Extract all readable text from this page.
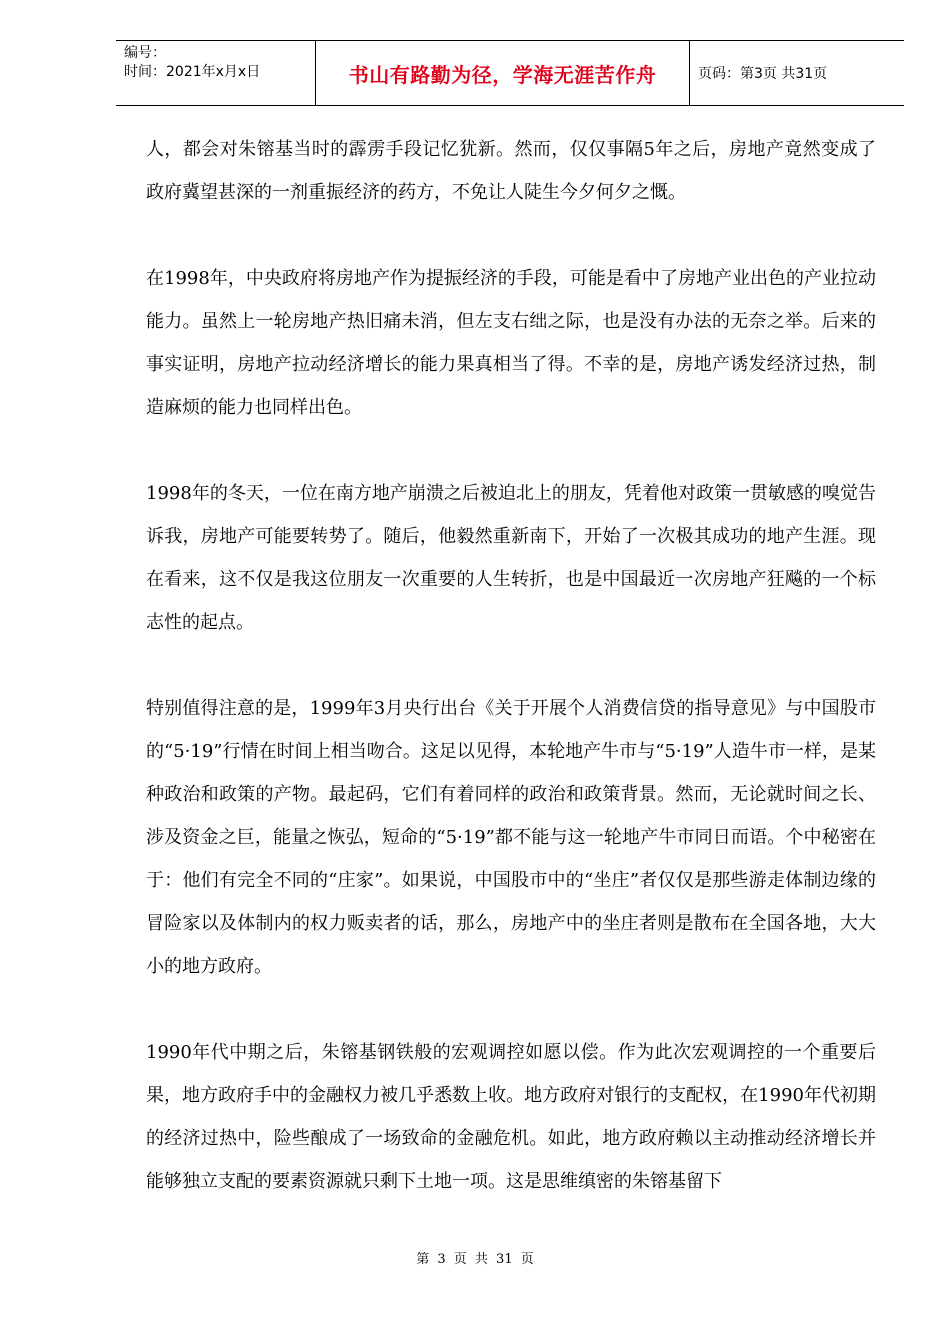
编号：
时间：2021年x月x日	书山有路勤为径，学海无涯苦作舟	页码：第3页 共31页

人，都会对朱镕基当时的霹雳手段记忆犹新。然而，仅仅事隔5年之后，房地产竟然变成了政府冀望甚深的一剂重振经济的药方，不免让人陡生今夕何夕之慨。

在1998年，中央政府将房地产作为提振经济的手段，可能是看中了房地产业出色的产业拉动能力。虽然上一轮房地产热旧痛未消，但左支右绌之际，也是没有办法的无奈之举。后来的事实证明，房地产拉动经济增长的能力果真相当了得。不幸的是，房地产诱发经济过热，制造麻烦的能力也同样出色。

1998年的冬天，一位在南方地产崩溃之后被迫北上的朋友，凭着他对政策一贯敏感的嗅觉告诉我，房地产可能要转势了。随后，他毅然重新南下，开始了一次极其成功的地产生涯。现在看来，这不仅是我这位朋友一次重要的人生转折，也是中国最近一次房地产狂飚的一个标志性的起点。

特别值得注意的是，1999年3月央行出台《关于开展个人消费信贷的指导意见》与中国股市的“5·19”行情在时间上相当吻合。这足以见得，本轮地产牛市与“5·19”人造牛市一样，是某种政治和政策的产物。最起码，它们有着同样的政治和政策背景。然而，无论就时间之长、涉及资金之巨，能量之恢弘，短命的“5·19”都不能与这一轮地产牛市同日而语。个中秘密在于：他们有完全不同的“庄家”。如果说，中国股市中的“坐庄”者仅仅是那些游走体制边缘的冒险家以及体制内的权力贩卖者的话，那么，房地产中的坐庄者则是散布在全国各地，大大小的地方政府。

1990年代中期之后，朱镕基钢铁般的宏观调控如愿以偿。作为此次宏观调控的一个重要后果，地方政府手中的金融权力被几乎悉数上收。地方政府对银行的支配权，在1990年代初期的经济过热中，险些酿成了一场致命的金融危机。如此，地方政府赖以主动推动经济增长并能够独立支配的要素资源就只剩下土地一项。这是思维缜密的朱镕基留下

第 3 页 共 31 页
